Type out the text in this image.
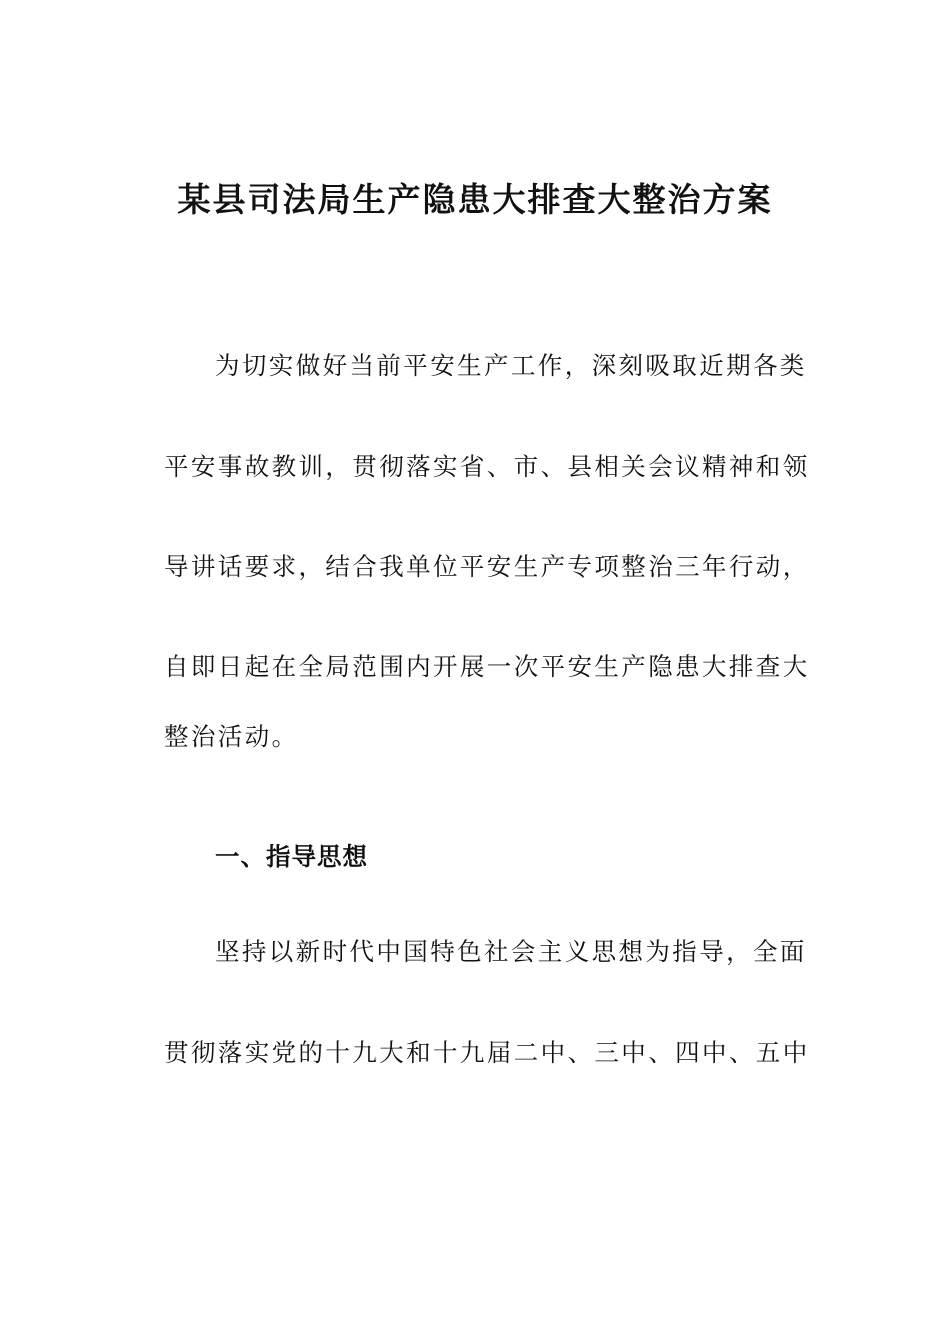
某县司法局生产隐患大排查大整治方案
为切实做好当前平安生产工作，深刻吸取近期各类
平安事故教训，贯彻落实省、市、县相关会议精神和领
导讲话要求，结合我单位平安生产专项整治三年行动，
自即日起在全局范围内开展一次平安生产隐患大排查大
整治活动。
一、指导思想
坚持以新时代中国特色社会主义思想为指导，全面
贯彻落实党的十九大和十九届二中、三中、四中、五中
